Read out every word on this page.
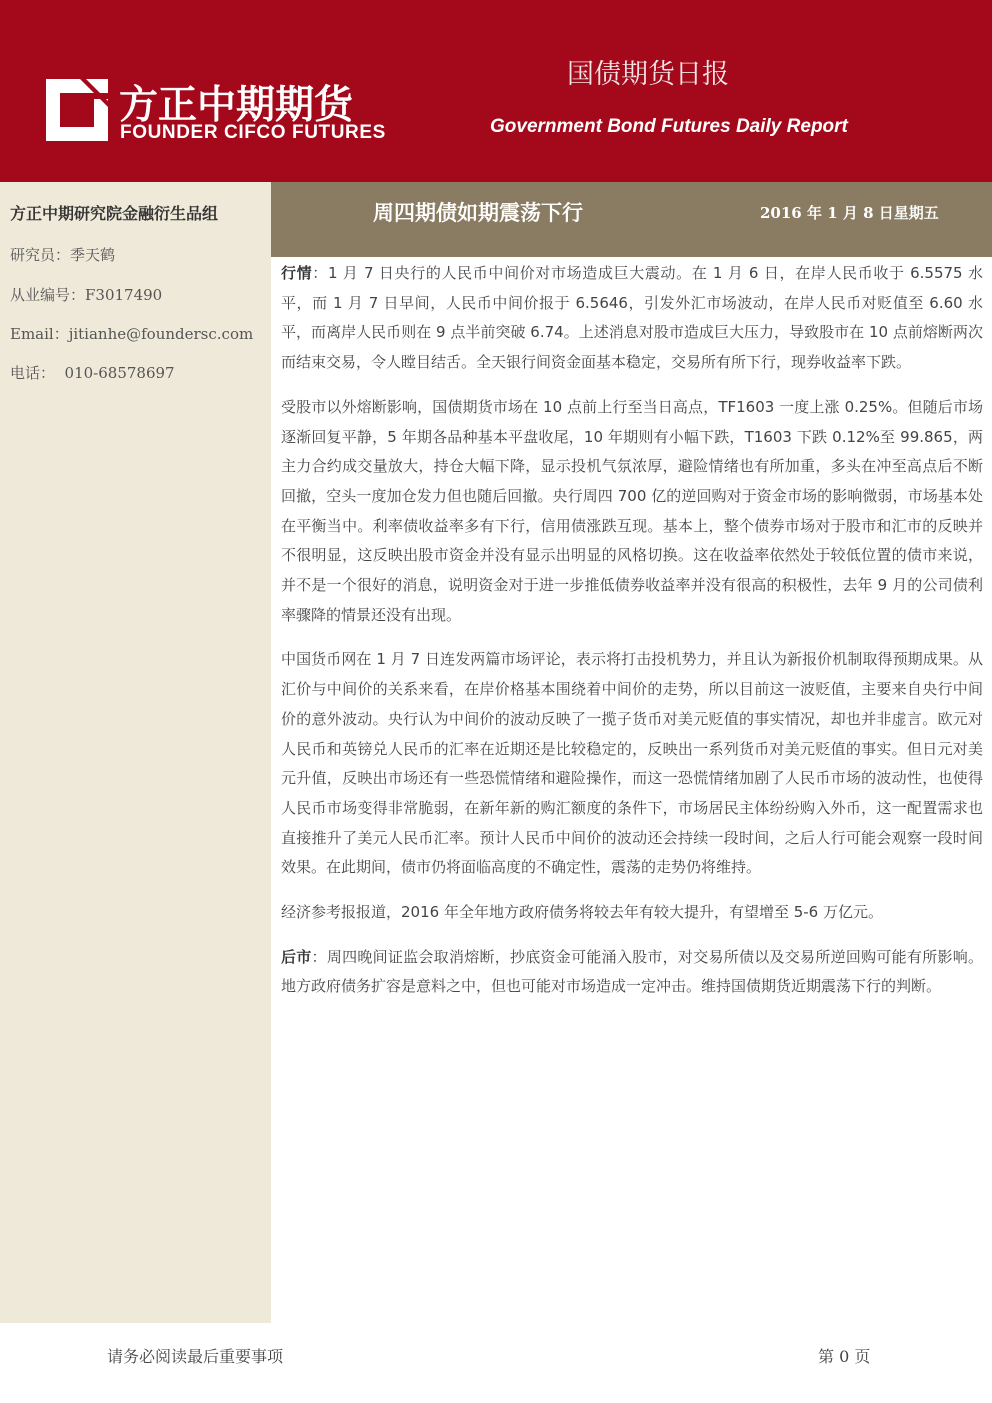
方正中期期货
FOUNDER CIFCO FUTURES
国债期货日报
Government Bond Futures Daily Report
方正中期研究院金融衍生品组
研究员：季天鹤
从业编号：F3017490
Email：jitianhe@foundersc.com
电话：  010-68578697
周四期债如期震荡下行	2016 年 1 月 8 日星期五

行情：1 月 7 日央行的人民币中间价对市场造成巨大震动。在 1 月 6 日，在岸人民币收于 6.5575 水平，而 1 月 7 日早间，人民币中间价报于 6.5646，引发外汇市场波动，在岸人民币对贬值至 6.60 水平，而离岸人民币则在 9 点半前突破 6.74。上述消息对股市造成巨大压力，导致股市在 10 点前熔断两次而结束交易，令人瞠目结舌。全天银行间资金面基本稳定，交易所有所下行，现券收益率下跌。

受股市以外熔断影响，国债期货市场在 10 点前上行至当日高点，TF1603 一度上涨 0.25%。但随后市场逐渐回复平静，5 年期各品种基本平盘收尾，10 年期则有小幅下跌，T1603 下跌 0.12%至 99.865，两主力合约成交量放大，持仓大幅下降，显示投机气氛浓厚，避险情绪也有所加重，多头在冲至高点后不断回撤，空头一度加仓发力但也随后回撤。央行周四 700 亿的逆回购对于资金市场的影响微弱，市场基本处在平衡当中。利率债收益率多有下行，信用债涨跌互现。基本上，整个债券市场对于股市和汇市的反映并不很明显，这反映出股市资金并没有显示出明显的风格切换。这在收益率依然处于较低位置的债市来说，并不是一个很好的消息，说明资金对于进一步推低债券收益率并没有很高的积极性，去年 9 月的公司债利率骤降的情景还没有出现。

中国货币网在 1 月 7 日连发两篇市场评论，表示将打击投机势力，并且认为新报价机制取得预期成果。从汇价与中间价的关系来看，在岸价格基本围绕着中间价的走势，所以目前这一波贬值，主要来自央行中间价的意外波动。央行认为中间价的波动反映了一揽子货币对美元贬值的事实情况，却也并非虚言。欧元对人民币和英镑兑人民币的汇率在近期还是比较稳定的，反映出一系列货币对美元贬值的事实。但日元对美元升值，反映出市场还有一些恐慌情绪和避险操作，而这一恐慌情绪加剧了人民币市场的波动性，也使得人民币市场变得非常脆弱，在新年新的购汇额度的条件下，市场居民主体纷纷购入外币，这一配置需求也直接推升了美元人民币汇率。预计人民币中间价的波动还会持续一段时间，之后人行可能会观察一段时间效果。在此期间，债市仍将面临高度的不确定性，震荡的走势仍将维持。

经济参考报报道，2016 年全年地方政府债务将较去年有较大提升，有望增至 5-6 万亿元。

后市：周四晚间证监会取消熔断，抄底资金可能涌入股市，对交易所债以及交易所逆回购可能有所影响。地方政府债务扩容是意料之中，但也可能对市场造成一定冲击。维持国债期货近期震荡下行的判断。

请务必阅读最后重要事项	第 0 页
